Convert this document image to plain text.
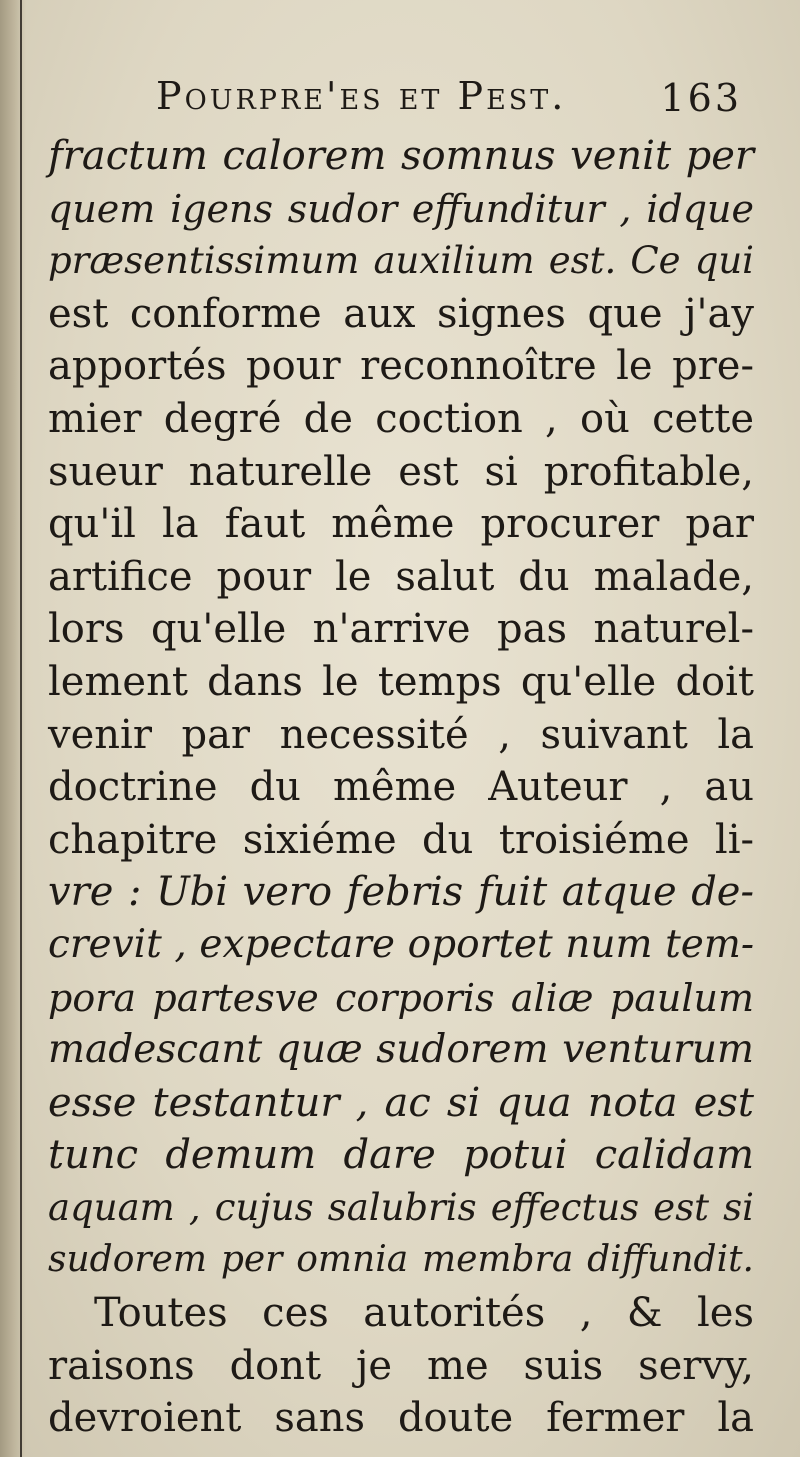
Pourpre'es et Pest. 163
fractum calorem somnus venit per
quem igens sudor effunditur , idque
præsentissimum auxilium est. Ce qui
est conforme aux signes que j'ay
apportés pour reconnoître le pre-
mier degré de coction , où cette
sueur naturelle est si profitable,
qu'il la faut même procurer par
artifice pour le salut du malade,
lors qu'elle n'arrive pas naturel-
lement dans le temps qu'elle doit
venir par necessité , suivant la
doctrine du même Auteur , au
chapitre sixiéme du troisiéme li-
vre : Ubi vero febris fuit atque de-
crevit , expectare oportet num tem-
pora partesve corporis aliæ paulum
madescant quæ sudorem venturum
esse testantur , ac si qua nota est
tunc demum dare potui calidam
aquam , cujus salubris effectus est si
sudorem per omnia membra diffundit.
Toutes ces autorités , & les
raisons dont je me suis servy,
devroient sans doute fermer la
